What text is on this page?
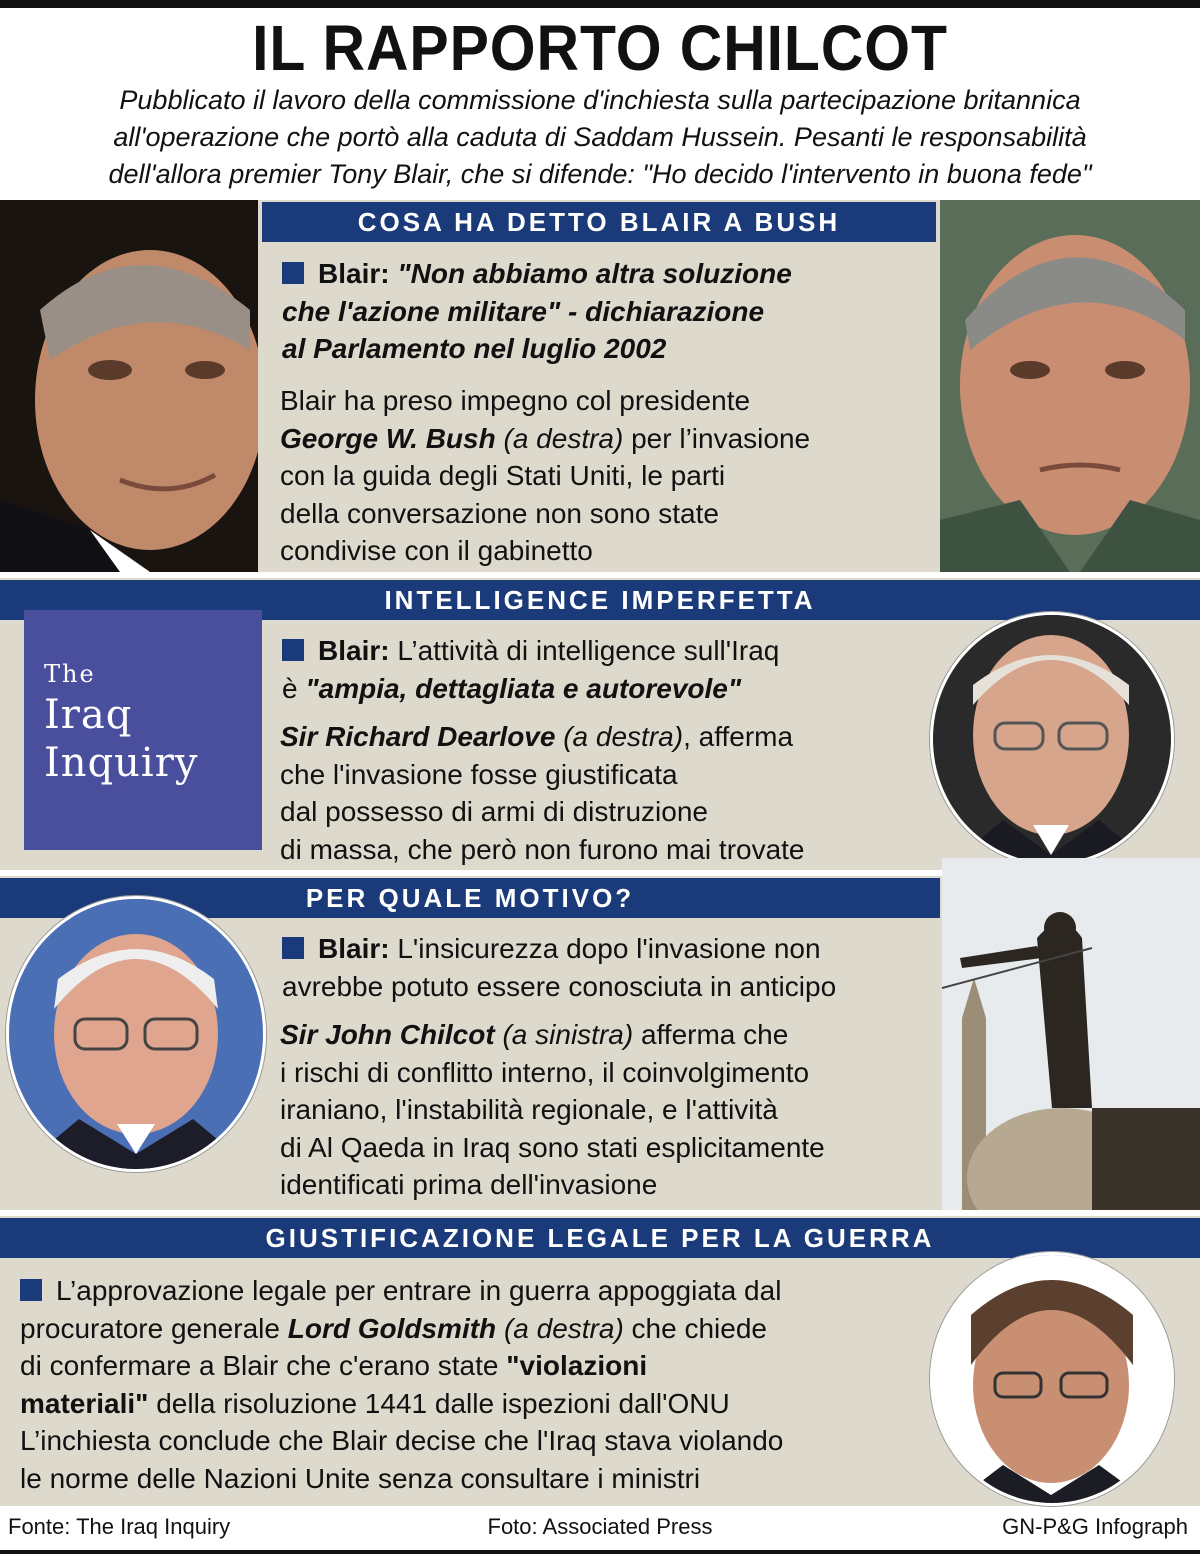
IL RAPPORTO CHILCOT
Pubblicato il lavoro della commissione d'inchiesta sulla partecipazione britannica
all'operazione che portò alla caduta di Saddam Hussein. Pesanti le responsabilità
dell'allora premier Tony Blair, che si difende: "Ho decido l'intervento in buona fede"
COSA HA DETTO BLAIR A BUSH
Blair: "Non abbiamo altra soluzione
che l'azione militare" - dichiarazione
al Parlamento nel luglio 2002
Blair ha preso impegno col presidente
George W. Bush (a destra) per l’invasione
con la guida degli Stati Uniti, le parti
della conversazione non sono state
condivise con il gabinetto
INTELLIGENCE IMPERFETTA
The
Iraq
Inquiry
Blair: L’attività di intelligence sull'Iraq
è "ampia, dettagliata e autorevole"
Sir Richard Dearlove (a destra), afferma
che l'invasione fosse giustificata
dal possesso di armi di distruzione
di massa, che però non furono mai trovate
PER QUALE MOTIVO?
Blair: L'insicurezza dopo l'invasione non
avrebbe potuto essere conosciuta in anticipo
Sir John Chilcot (a sinistra) afferma che
i rischi di conflitto interno, il coinvolgimento
iraniano, l'instabilità regionale, e l'attività
di Al Qaeda in Iraq sono stati esplicitamente
identificati prima dell'invasione
GIUSTIFICAZIONE LEGALE PER LA GUERRA
L’approvazione legale per entrare in guerra appoggiata dal
procuratore generale Lord Goldsmith (a destra) che chiede
di confermare a Blair che c'erano state "violazioni
materiali" della risoluzione 1441 dalle ispezioni dall'ONU
L’inchiesta conclude che Blair decise che l'Iraq stava violando
le norme delle Nazioni Unite senza consultare i ministri
Fonte: The Iraq Inquiry	Foto: Associated Press	GN-P&G Infograph
